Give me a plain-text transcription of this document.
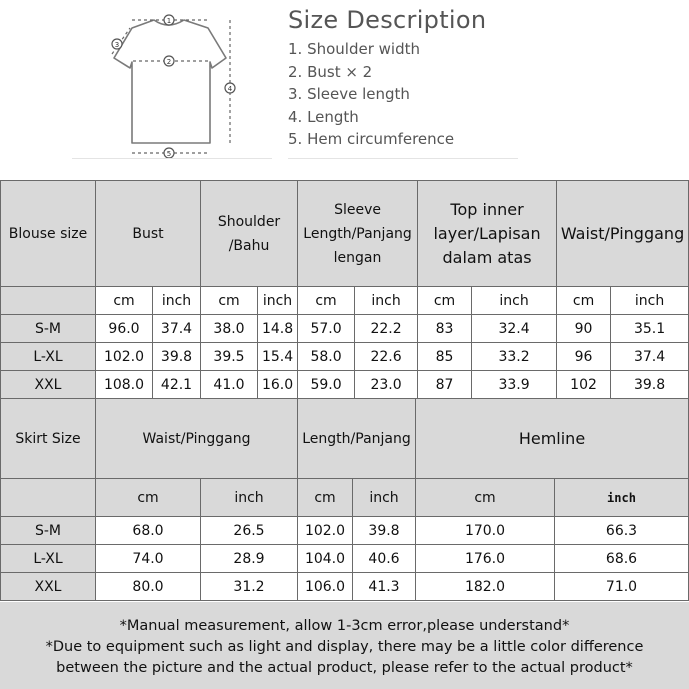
1
2
3
4
5
Size Description
1. Shoulder width
2. Bust × 2
3. Sleeve length
4. Length
5. Hem circumference
Blouse size	Bust		Shoulder /Bahu		Sleeve Length/Panjang lengan		Top inner layer/Lapisan dalam atas		Waist/Pinggang	
	cm	inch	cm	inch	cm	inch	cm	inch	cm	inch
S-M	96.0	37.4	38.0	14.8	57.0	22.2	83	32.4	90	35.1
L-XL	102.0	39.8	39.5	15.4	58.0	22.6	85	33.2	96	37.4
XXL	108.0	42.1	41.0	16.0	59.0	23.0	87	33.9	102	39.8
Skirt Size	Waist/Pinggang		Length/Panjang		Hemline	
	cm	inch	cm	inch	cm	inch
S-M	68.0	26.5	102.0	39.8	170.0	66.3
L-XL	74.0	28.9	104.0	40.6	176.0	68.6
XXL	80.0	31.2	106.0	41.3	182.0	71.0

*Manual measurement, allow 1-3cm error,please understand*

*Due to equipment such as light and display, there may be a little color difference

between the picture and the actual product, please refer to the actual product*
